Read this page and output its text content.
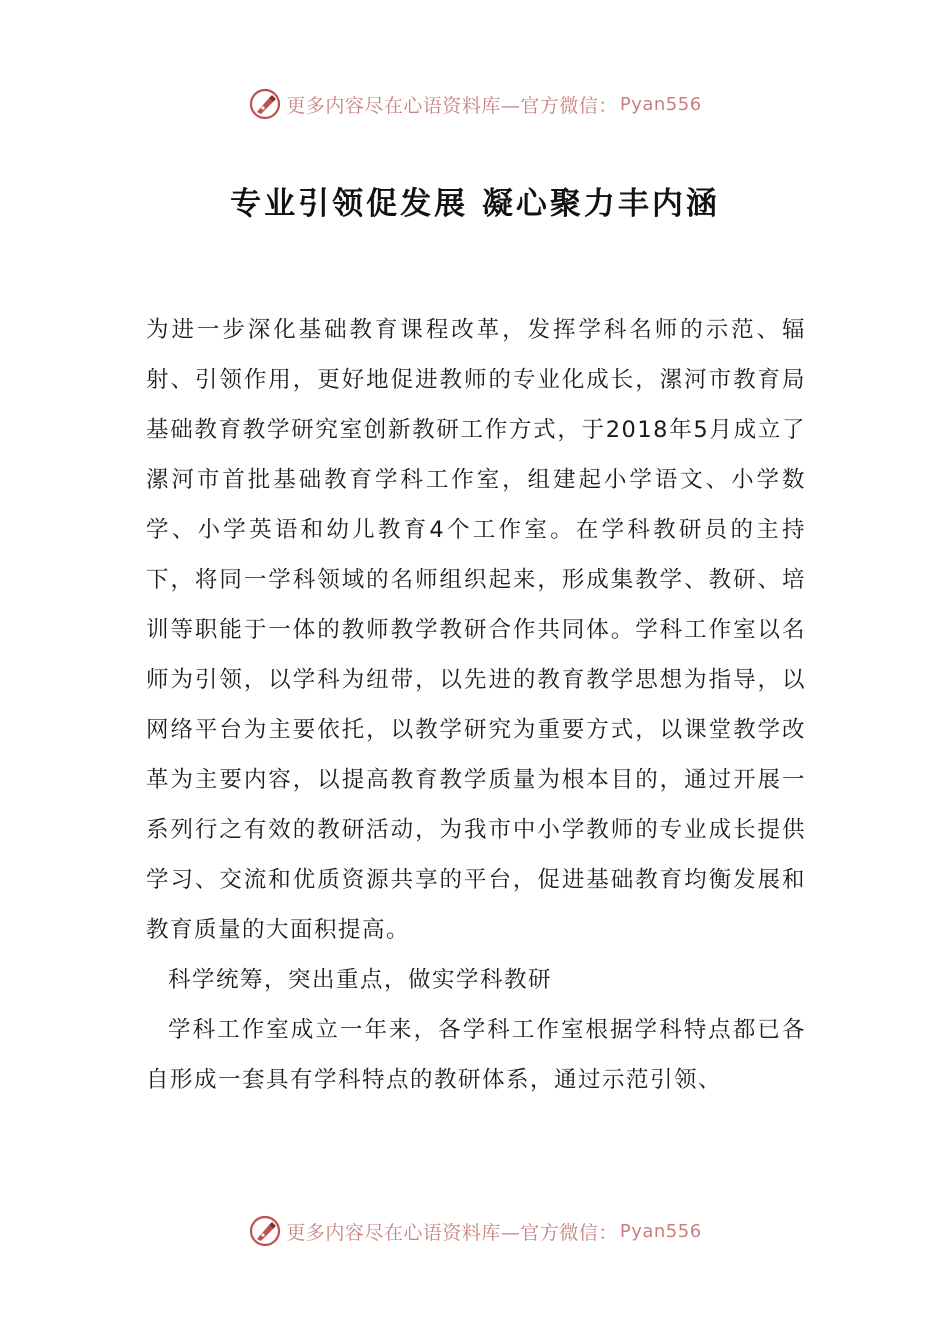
更多内容尽在心语资料库—官方微信： Pyan556
专业引领促发展 凝心聚力丰内涵

为进一步深化基础教育课程改革，发挥学科名师的示范、辐射、引领作用，更好地促进教师的专业化成长，漯河市教育局基础教育教学研究室创新教研工作方式，于2018年5月成立了漯河市首批基础教育学科工作室，组建起小学语文、小学数学、小学英语和幼儿教育4个工作室。在学科教研员的主持下，将同一学科领域的名师组织起来，形成集教学、教研、培训等职能于一体的教师教学教研合作共同体。学科工作室以名师为引领，以学科为纽带，以先进的教育教学思想为指导，以网络平台为主要依托，以教学研究为重要方式，以课堂教学改革为主要内容，以提高教育教学质量为根本目的，通过开展一系列行之有效的教研活动，为我市中小学教师的专业成长提供学习、交流和优质资源共享的平台，促进基础教育均衡发展和教育质量的大面积提高。

科学统筹，突出重点，做实学科教研

学科工作室成立一年来，各学科工作室根据学科特点都已各自形成一套具有学科特点的教研体系，通过示范引领、

更多内容尽在心语资料库—官方微信： Pyan556
